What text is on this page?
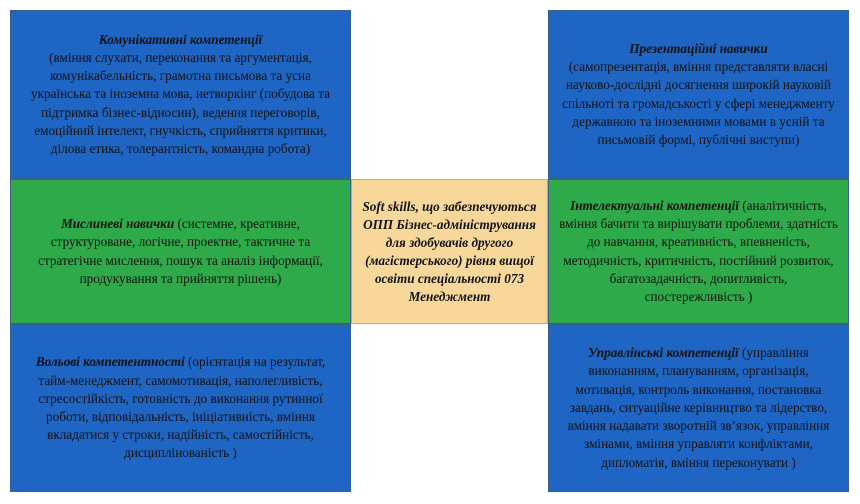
Комунікативні компетенції
(вміння слухати, переконання та аргументація, комунікабельність, грамотна письмова та усна українська та іноземна мова, нетворкінг (побудова та підтримка бізнес-відносин), ведення переговорів, емоційний інтелект, гнучкість, сприйняття критики, ділова етика, толерантність, командна робота)
Презентаційні навички
(самопрезентація, вміння представляти власні науково-дослідні досягнення широкій науковій спільноті та громадськості у сфері менеджменту державною та іноземними мовами в усній та письмовій формі, публічні виступи)
Мислиневі навички (системне, креативне, структуроване, логічне, проектне, тактичне та стратегічне мислення, пошук та аналіз інформації, продукування та прийняття рішень)
Soft skills, що забезпечуються ОПП Бізнес-адміністрування для здобувачів другого (магістерського) рівня вищої освіти спеціальності 073 Менеджмент
Інтелектуальні компетенції (аналітичність, вміння бачити та вирішувати проблеми, здатність до навчання, креативність, впевненість, методичність, критичність, постійний розвиток, багатозадачність, допитливість, спостережливість )
Вольові компетентності (орієнтація на результат, тайм-менеджмент, самомотивація, наполегливість, стресостійкість, готовність до виконання рутинної роботи, відповідальність, ініціативність, вміння вкладатися у строки, надійність, самостійність, дисциплінованість )
Управлінські компетенції (управління виконанням, плануванням, організація, мотивація, контроль виконання, постановка завдань, ситуаційне керівництво та лідерство, вміння надавати зворотній зв’язок, управління змінами, вміння управляти конфліктами, дипломатія, вміння переконувати )
